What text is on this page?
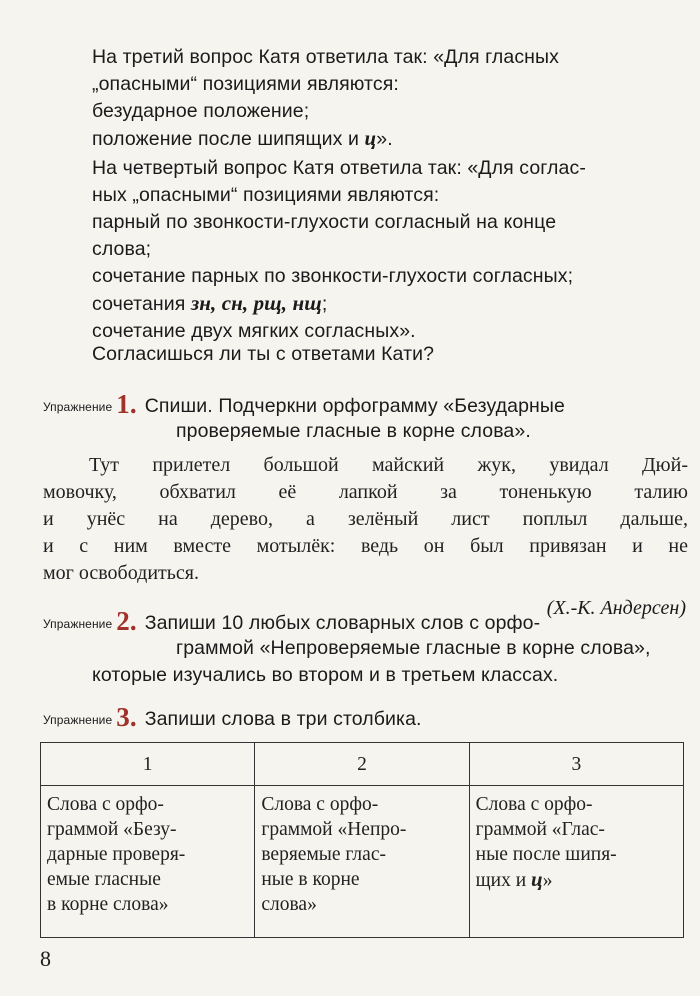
На третий вопрос Катя ответила так: «Для гласных
„опасными“ позициями являются:
безударное положение;
положение после шипящих и ц».
На четвертый вопрос Катя ответила так: «Для соглас-
ных „опасными“ позициями являются:
парный по звонкости-глухости согласный на конце
слова;
сочетание парных по звонкости-глухости согласных;
сочетания зн, сн, рщ, нщ;
сочетание двух мягких согласных».
Согласишься ли ты с ответами Кати?
Упражнение 1. Спиши. Подчеркни орфограмму «Безударные
проверяемые гласные в корне слова».
Тут прилетел большой майский жук, увидал Дюй-
мовочку, обхватил её лапкой за тоненькую талию
и унёс на дерево, а зелёный лист поплыл дальше,
и с ним вместе мотылёк: ведь он был привязан и не
мог освободиться.
(Х.-К. Андерсен)
Упражнение 2. Запиши 10 любых словарных слов с орфо-
граммой «Непроверяемые гласные в корне слова»,
которые изучались во втором и в третьем классах.
Упражнение 3. Запиши слова в три столбика.
1	2	3

Слова с орфо-
граммой «Безу-
дарные проверя-
емые гласные
в корне слова»	Слова с орфо-
граммой «Непро-
веряемые глас-
ные в корне
слова»	Слова с орфо-
граммой «Глас-
ные после шипя-
щих и ц»
8
